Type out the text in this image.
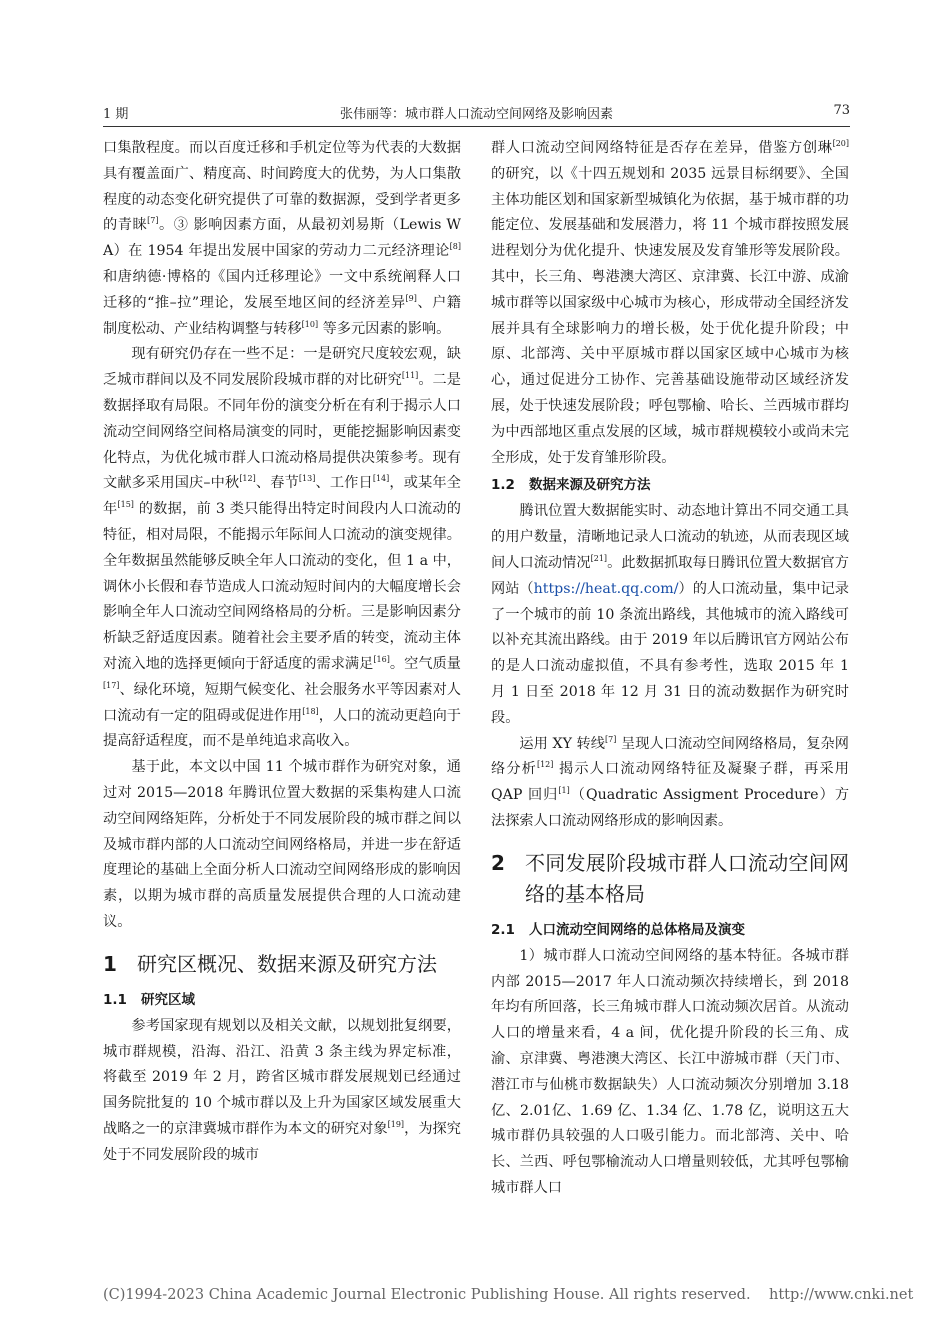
1 期	张伟丽等：城市群人口流动空间网络及影响因素	73

口集散程度。而以百度迁移和手机定位等为代表的大数据具有覆盖面广、精度高、时间跨度大的优势，为人口集散程度的动态变化研究提供了可靠的数据源，受到学者更多的青睐[7]。③ 影响因素方面，从最初刘易斯（Lewis W A）在 1954 年提出发展中国家的劳动力二元经济理论[8] 和唐纳德·博格的《国内迁移理论》一文中系统阐释人口迁移的“推–拉”理论，发展至地区间的经济差异[9]、户籍制度松动、产业结构调整与转移[10] 等多元因素的影响。

现有研究仍存在一些不足：一是研究尺度较宏观，缺乏城市群间以及不同发展阶段城市群的对比研究[11]。二是数据择取有局限。不同年份的演变分析在有利于揭示人口流动空间网络空间格局演变的同时，更能挖掘影响因素变化特点，为优化城市群人口流动格局提供决策参考。现有文献多采用国庆–中秋[12]、春节[13]、工作日[14]，或某年全年[15] 的数据，前 3 类只能得出特定时间段内人口流动的特征，相对局限，不能揭示年际间人口流动的演变规律。全年数据虽然能够反映全年人口流动的变化，但 1 a 中，调休小长假和春节造成人口流动短时间内的大幅度增长会影响全年人口流动空间网络格局的分析。三是影响因素分析缺乏舒适度因素。随着社会主要矛盾的转变，流动主体对流入地的选择更倾向于舒适度的需求满足[16]。空气质量[17]、绿化环境，短期气候变化、社会服务水平等因素对人口流动有一定的阻碍或促进作用[18]，人口的流动更趋向于提高舒适程度，而不是单纯追求高收入。

基于此，本文以中国 11 个城市群作为研究对象，通过对 2015—2018 年腾讯位置大数据的采集构建人口流动空间网络矩阵，分析处于不同发展阶段的城市群之间以及城市群内部的人口流动空间网络格局，并进一步在舒适度理论的基础上全面分析人口流动空间网络形成的影响因素，以期为城市群的高质量发展提供合理的人口流动建议。

1	研究区概况、数据来源及研究方法
1.1 研究区域

参考国家现有规划以及相关文献，以规划批复纲要，城市群规模，沿海、沿江、沿黄 3 条主线为界定标准，将截至 2019 年 2 月，跨省区城市群发展规划已经通过国务院批复的 10 个城市群以及上升为国家区域发展重大战略之一的京津冀城市群作为本文的研究对象[19]，为探究处于不同发展阶段的城市

群人口流动空间网络特征是否存在差异，借鉴方创琳[20] 的研究，以《十四五规划和 2035 远景目标纲要》、全国主体功能区划和国家新型城镇化为依据，基于城市群的功能定位、发展基础和发展潜力，将 11 个城市群按照发展进程划分为优化提升、快速发展及发育雏形等发展阶段。其中，长三角、粤港澳大湾区、京津冀、长江中游、成渝城市群等以国家级中心城市为核心，形成带动全国经济发展并具有全球影响力的增长极，处于优化提升阶段；中原、北部湾、关中平原城市群以国家区域中心城市为核心，通过促进分工协作、完善基础设施带动区域经济发展，处于快速发展阶段；呼包鄂榆、哈长、兰西城市群均为中西部地区重点发展的区域，城市群规模较小或尚未完全形成，处于发育雏形阶段。

1.2 数据来源及研究方法

腾讯位置大数据能实时、动态地计算出不同交通工具的用户数量，清晰地记录人口流动的轨迹，从而表现区域间人口流动情况[21]。此数据抓取每日腾讯位置大数据官方网站（https://heat.qq.com/）的人口流动量，集中记录了一个城市的前 10 条流出路线，其他城市的流入路线可以补充其流出路线。由于 2019 年以后腾讯官方网站公布的是人口流动虚拟值，不具有参考性，选取 2015 年 1 月 1 日至 2018 年 12 月 31 日的流动数据作为研究时段。

运用 XY 转线[7] 呈现人口流动空间网络格局，复杂网络分析[12] 揭示人口流动网络特征及凝聚子群，再采用 QAP 回归[1]（Quadratic Assigment Procedure）方法探索人口流动网络形成的影响因素。

2	不同发展阶段城市群人口流动空间网络的基本格局
2.1 人口流动空间网络的总体格局及演变

1）城市群人口流动空间网络的基本特征。各城市群内部 2015—2017 年人口流动频次持续增长，到 2018 年均有所回落，长三角城市群人口流动频次居首。从流动人口的增量来看，4 a 间，优化提升阶段的长三角、成渝、京津冀、粤港澳大湾区、长江中游城市群（天门市、潜江市与仙桃市数据缺失）人口流动频次分别增加 3.18 亿、2.01亿、1.69 亿、1.34 亿、1.78 亿，说明这五大城市群仍具较强的人口吸引能力。而北部湾、关中、哈长、兰西、呼包鄂榆流动人口增量则较低，尤其呼包鄂榆城市群人口

(C)1994-2023 China Academic Journal Electronic Publishing House. All rights reserved. http://www.cnki.net
